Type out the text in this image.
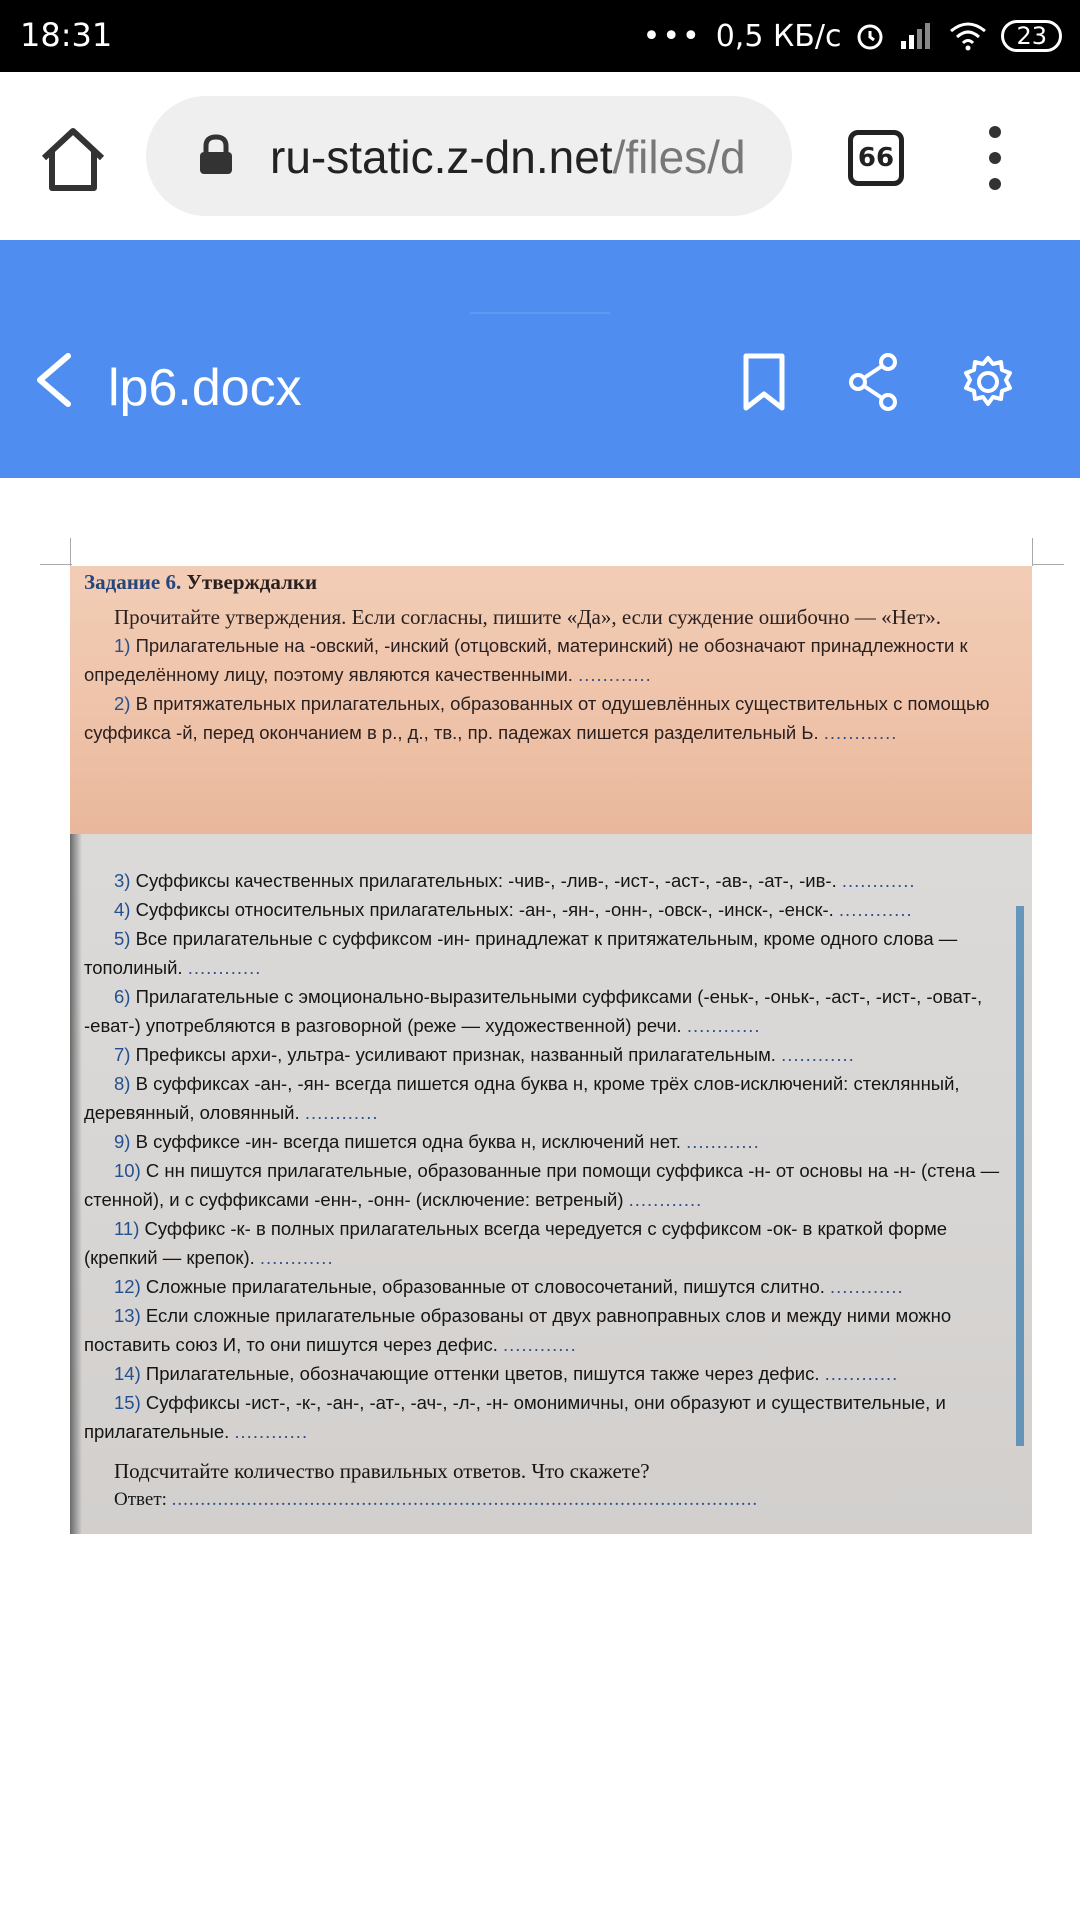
18:31	••• 0,5 КБ/с	23
ru-static.z-dn.net/files/d	66
lp6.docx
Задание 6. Утверждалки

Прочитайте утверждения. Если согласны, пишите «Да», если суждение ошибочно — «Нет».

1) Прилагательные на -овский, -инский (отцовский, материнский) не обозначают принадлежности к определённому лицу, поэтому являются качественными. ............

2) В притяжательных прилагательных, образованных от одушевлённых существительных с помощью суффикса -й, перед окончанием в р., д., тв., пр. падежах пишется разделительный Ь. ............

3) Суффиксы качественных прилагательных: -чив-, -лив-, -ист-, -аст-, -ав-, -ат-, -ив-. ............

4) Суффиксы относительных прилагательных: -ан-, -ян-, -онн-, -овск-, -инск-, -енск-. ............

5) Все прилагательные с суффиксом -ин- принадлежат к притяжательным, кроме одного слова — тополиный. ............

6) Прилагательные с эмоционально-выразительными суффиксами (-еньк-, -оньк-, -аст-, -ист-, -оват-, -еват-) употребляются в разговорной (реже — художественной) речи. ............

7) Префиксы архи-, ультра- усиливают признак, названный прилагательным. ............

8) В суффиксах -ан-, -ян- всегда пишется одна буква н, кроме трёх слов-исключений: стеклянный, деревянный, оловянный. ............

9) В суффиксе -ин- всегда пишется одна буква н, исключений нет. ............

10) С нн пишутся прилагательные, образованные при помощи суффикса -н- от основы на -н- (стена — стенной), и с суффиксами -енн-, -онн- (исключение: ветреный) ............

11) Суффикс -к- в полных прилагательных всегда чередуется с суффиксом -ок- в краткой форме (крепкий — крепок). ............

12) Сложные прилагательные, образованные от словосочетаний, пишутся слитно. ............

13) Если сложные прилагательные образованы от двух равноправных слов и между ними можно поставить союз И, то они пишутся через дефис. ............

14) Прилагательные, обозначающие оттенки цветов, пишутся также через дефис. ............

15) Суффиксы -ист-, -к-, -ан-, -ат-, -ач-, -л-, -н- омонимичны, они образуют и существительные, и прилагательные. ............

Подсчитайте количество правильных ответов. Что скажете?

Ответ: ......................................................................................................
